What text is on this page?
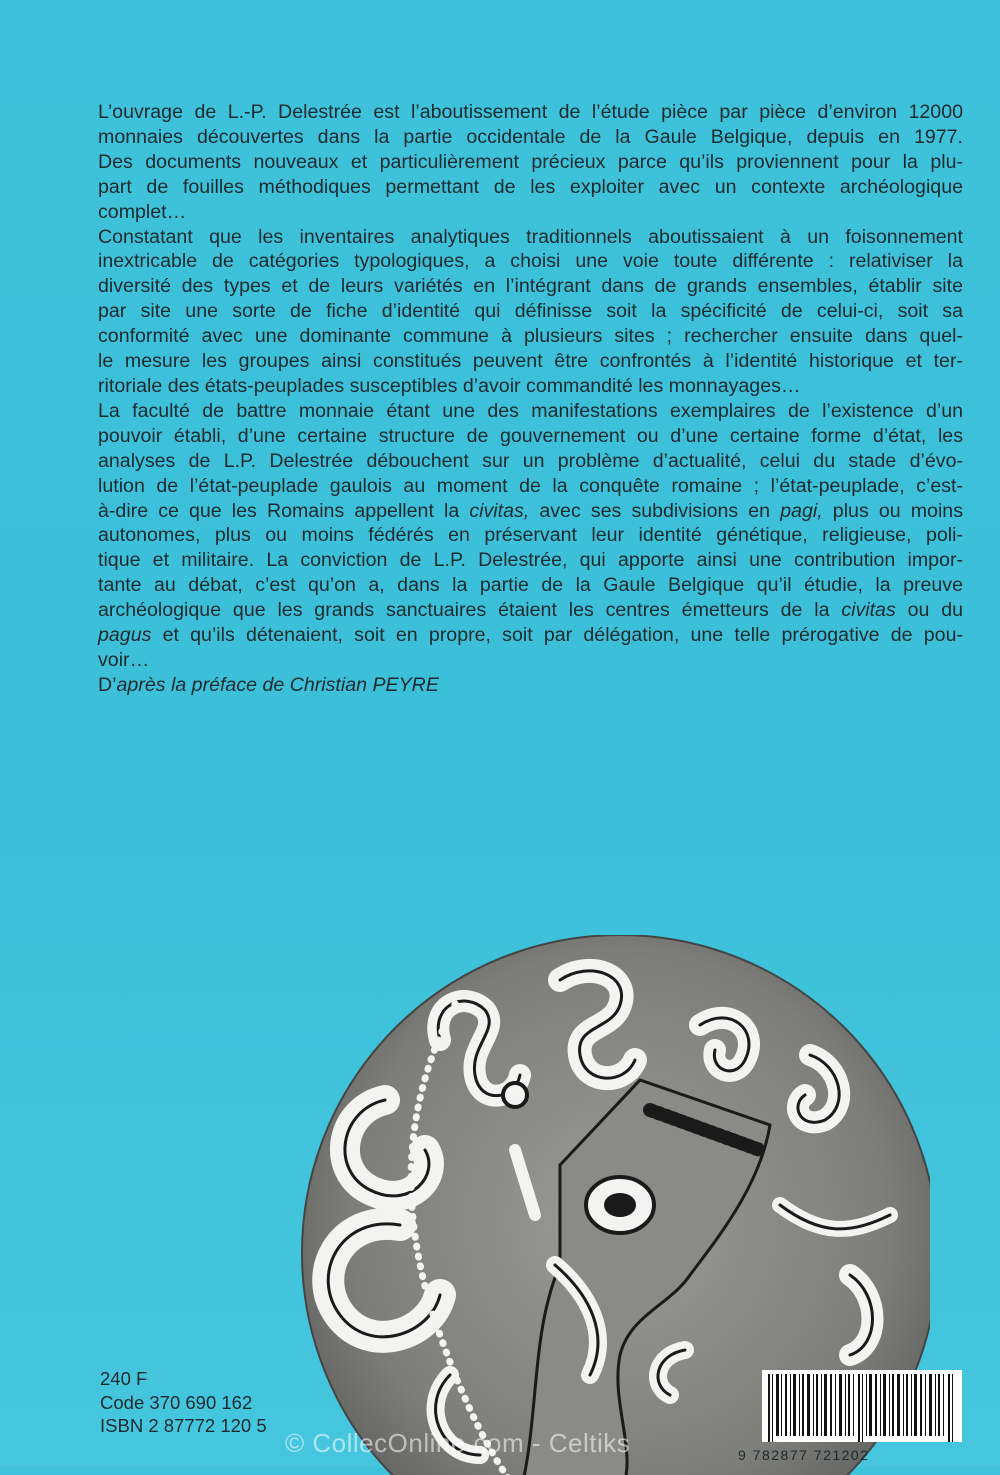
L’ouvrage de L.-P. Delestrée est l’aboutissement de l’étude pièce par pièce d’environ 12000
monnaies découvertes dans la partie occidentale de la Gaule Belgique, depuis en 1977.
Des documents nouveaux et particulièrement précieux parce qu’ils proviennent pour la plu-
part de fouilles méthodiques permettant de les exploiter avec un contexte archéologique
complet…
Constatant que les inventaires analytiques traditionnels aboutissaient à un foisonnement
inextricable de catégories typologiques, a choisi une voie toute différente : relativiser la
diversité des types et de leurs variétés en l’intégrant dans de grands ensembles, établir site
par site une sorte de fiche d’identité qui définisse soit la spécificité de celui-ci, soit sa
conformité avec une dominante commune à plusieurs sites ; rechercher ensuite dans quel-
le mesure les groupes ainsi constitués peuvent être confrontés à l’identité historique et ter-
ritoriale des états-peuplades susceptibles d’avoir commandité les monnayages…
La faculté de battre monnaie étant une des manifestations exemplaires de l’existence d’un
pouvoir établi, d’une certaine structure de gouvernement ou d’une certaine forme d’état, les
analyses de L.P. Delestrée débouchent sur un problème d’actualité, celui du stade d’évo-
lution de l’état-peuplade gaulois au moment de la conquête romaine ; l’état-peuplade, c’est-
à-dire ce que les Romains appellent la civitas, avec ses subdivisions en pagi, plus ou moins
autonomes, plus ou moins fédérés en préservant leur identité génétique, religieuse, poli-
tique et militaire. La conviction de L.P. Delestrée, qui apporte ainsi une contribution impor-
tante au débat, c’est qu’on a, dans la partie de la Gaule Belgique qu’il étudie, la preuve
archéologique que les grands sanctuaires étaient les centres émetteurs de la civitas ou du
pagus et qu’ils détenaient, soit en propre, soit par délégation, une telle prérogative de pou-
voir…
D’après la préface de Christian PEYRE
240 F
Code 370 690 162
ISBN 2 87772 120 5
9 782877 721202
© CollecOnline.com - Celtiks
